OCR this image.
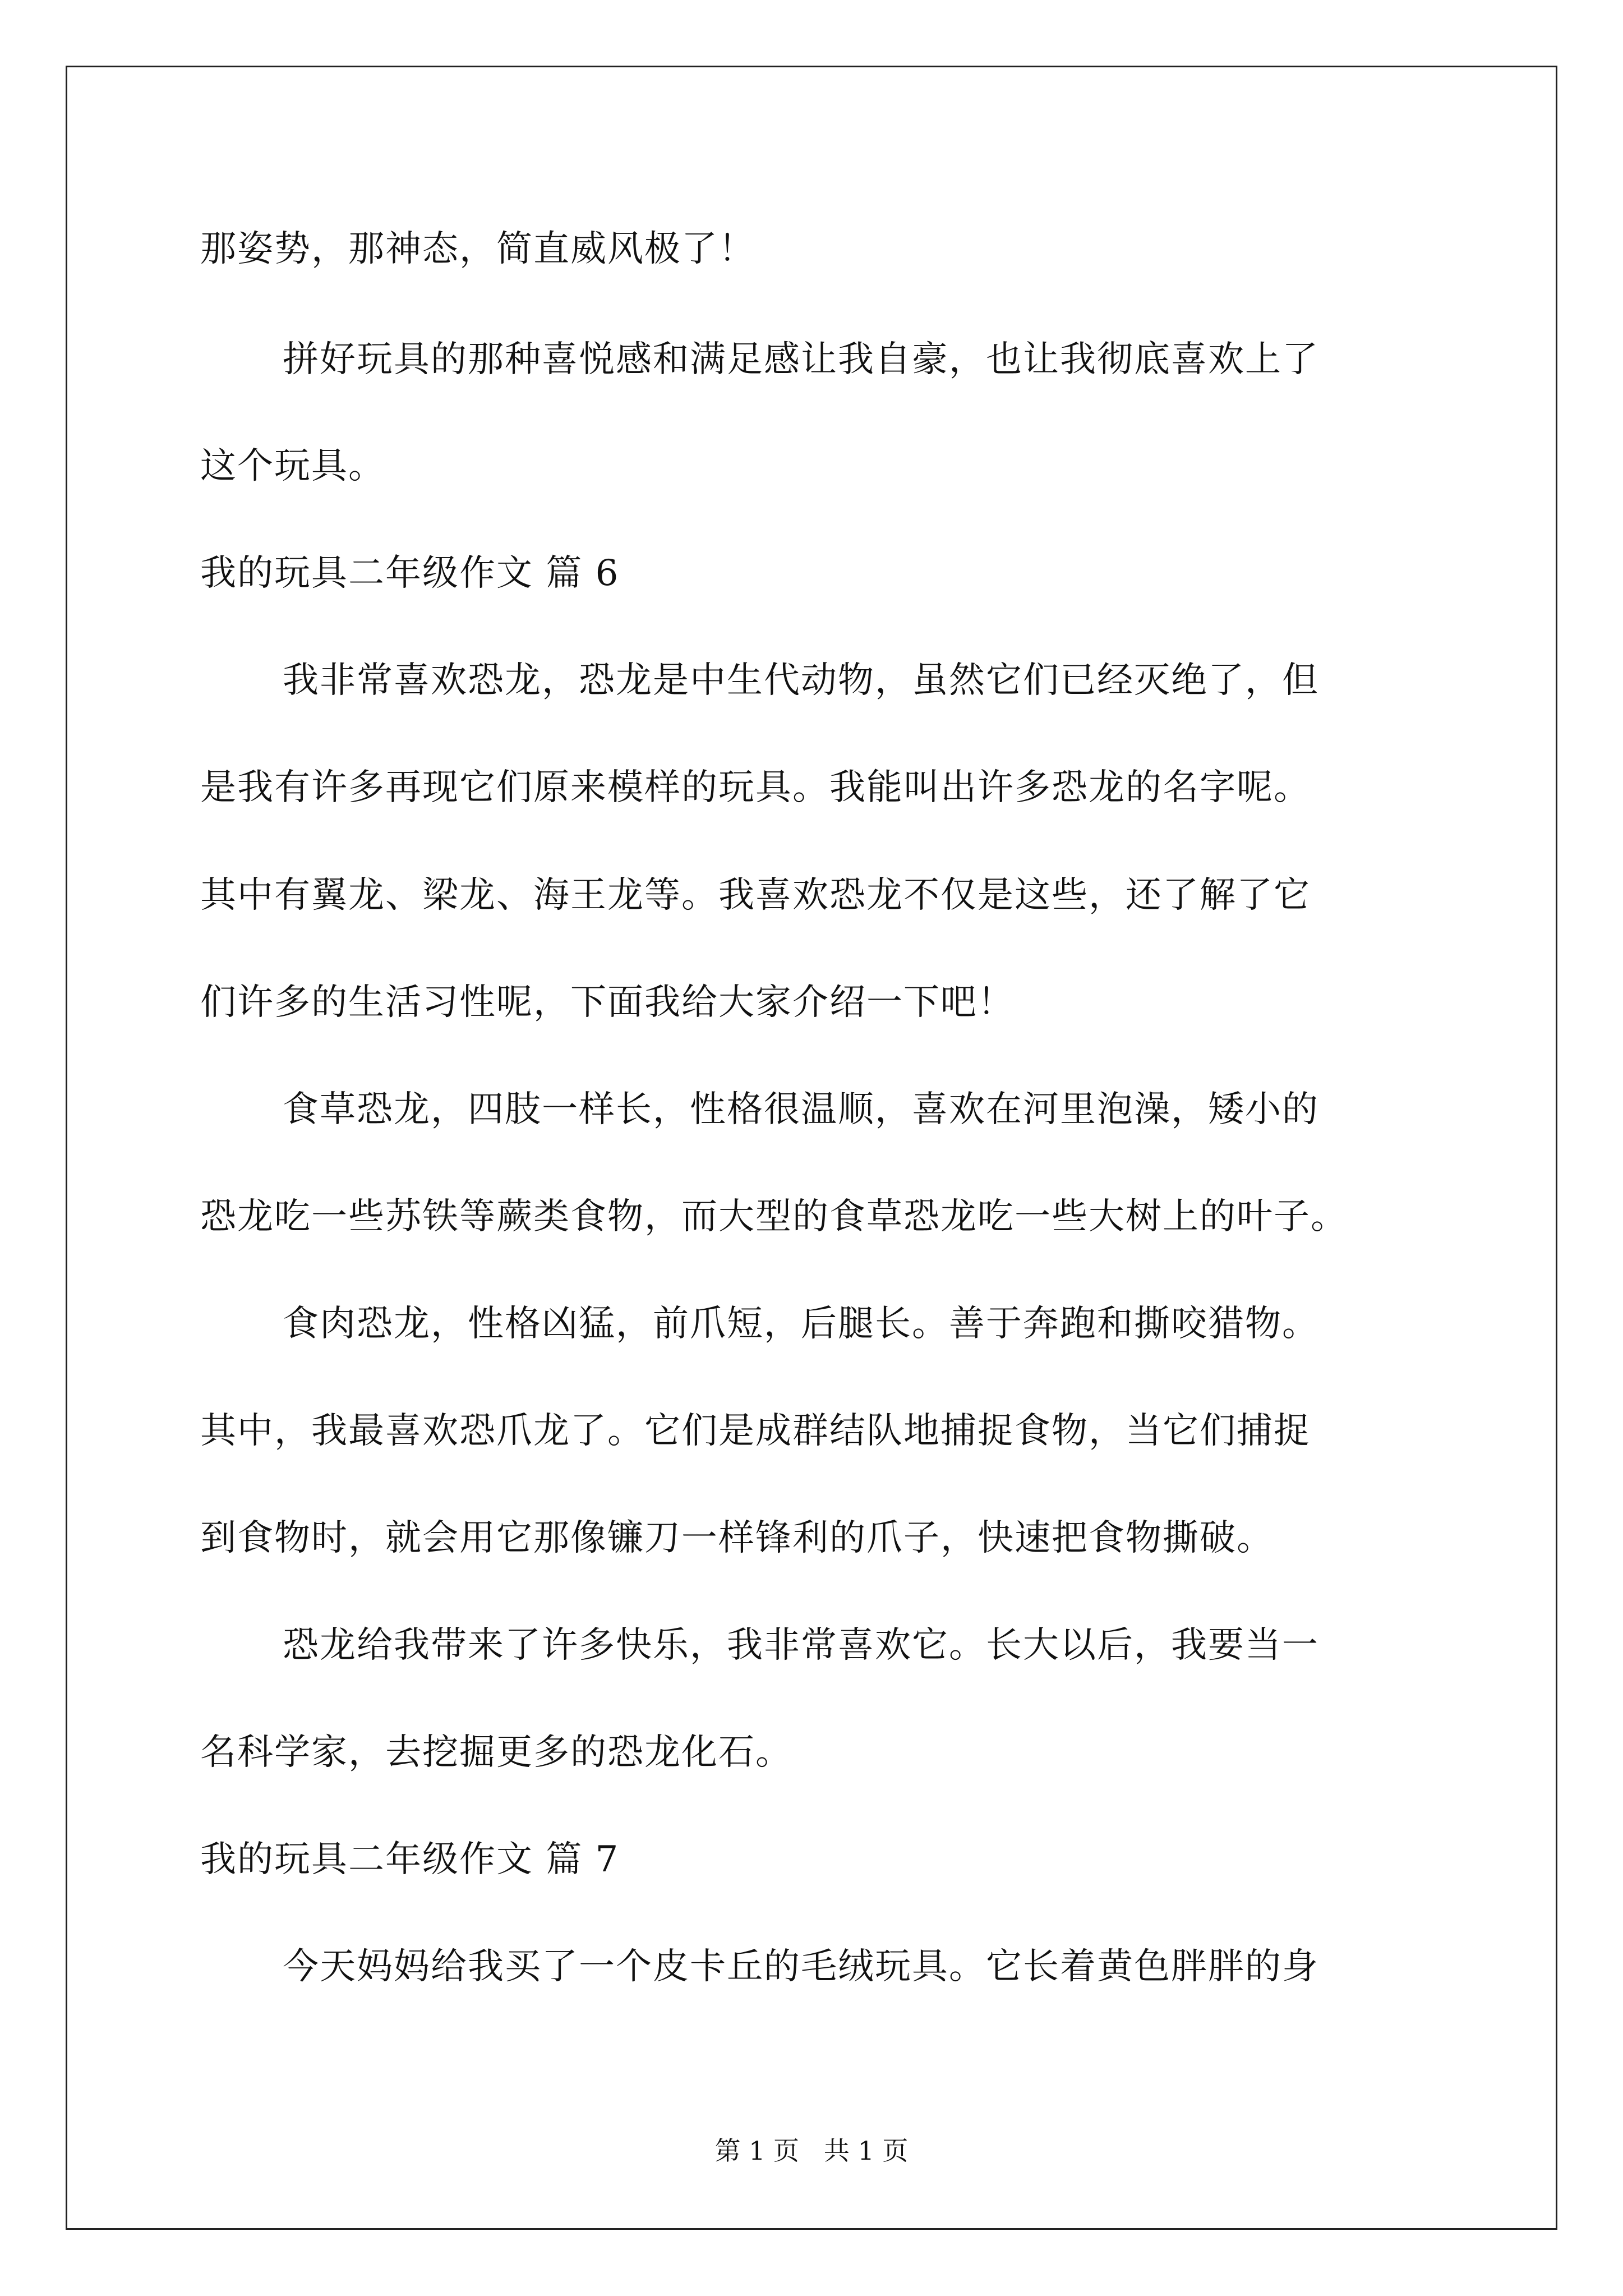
那姿势，那神态，简直威风极了！
拼好玩具的那种喜悦感和满足感让我自豪，也让我彻底喜欢上了
这个玩具。
我的玩具二年级作文 篇 6
我非常喜欢恐龙，恐龙是中生代动物，虽然它们已经灭绝了，但
是我有许多再现它们原来模样的玩具。我能叫出许多恐龙的名字呢。
其中有翼龙、梁龙、海王龙等。我喜欢恐龙不仅是这些，还了解了它
们许多的生活习性呢，下面我给大家介绍一下吧！
食草恐龙，四肢一样长，性格很温顺，喜欢在河里泡澡，矮小的
恐龙吃一些苏铁等蕨类食物，而大型的食草恐龙吃一些大树上的叶子。
食肉恐龙，性格凶猛，前爪短，后腿长。善于奔跑和撕咬猎物。
其中，我最喜欢恐爪龙了。它们是成群结队地捕捉食物，当它们捕捉
到食物时，就会用它那像镰刀一样锋利的爪子，快速把食物撕破。
恐龙给我带来了许多快乐，我非常喜欢它。长大以后，我要当一
名科学家，去挖掘更多的恐龙化石。
我的玩具二年级作文 篇 7
今天妈妈给我买了一个皮卡丘的毛绒玩具。它长着黄色胖胖的身
第 1 页   共 1 页
